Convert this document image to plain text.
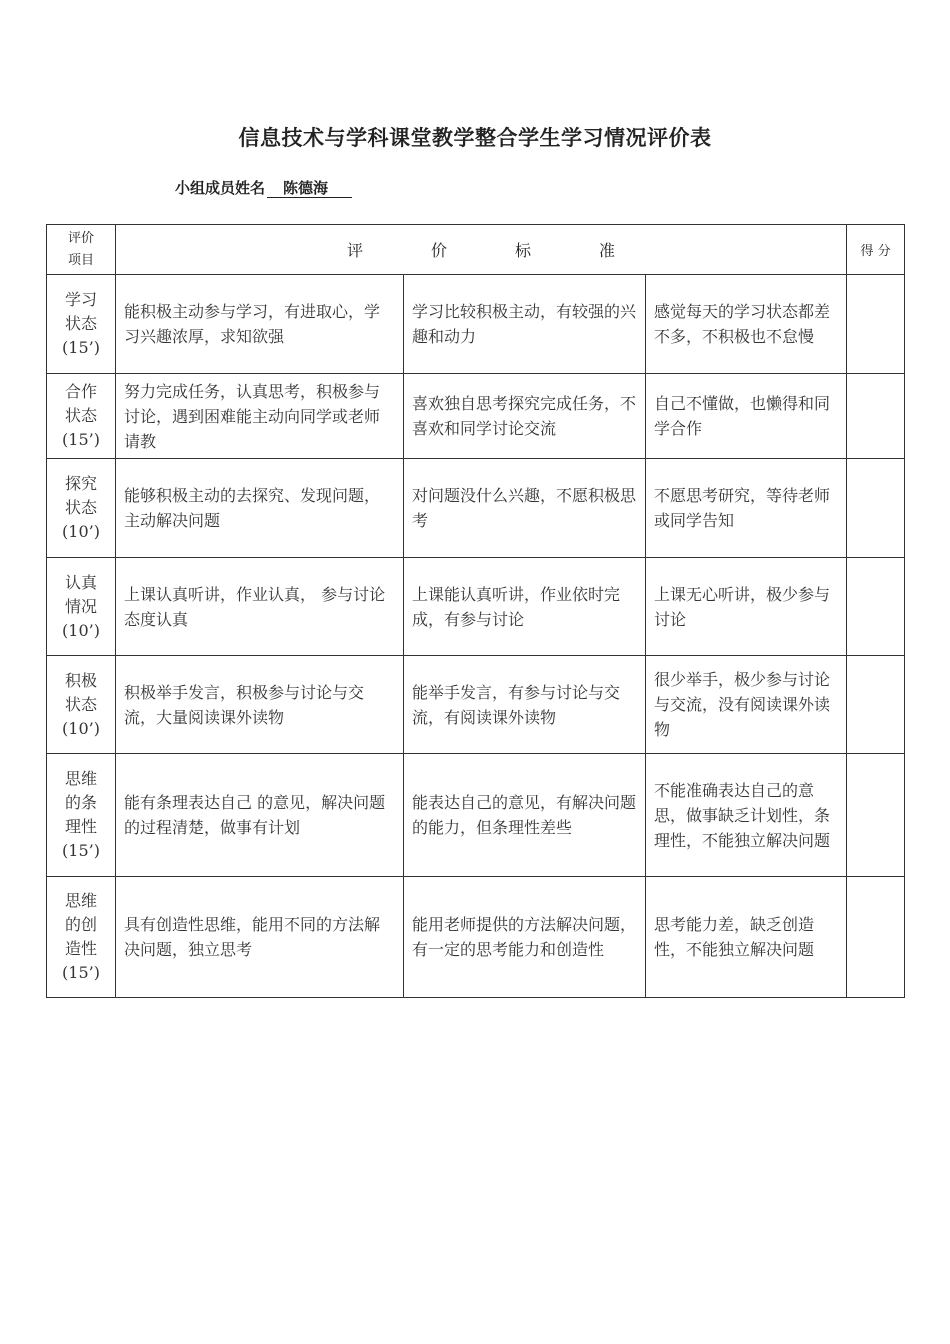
信息技术与学科课堂教学整合学生学习情况评价表
小组成员姓名 陈德海
评价项目	评 价 标 准			得 分

学习状态
(15’)	能积极主动参与学习，有进取心，学习兴趣浓厚，求知欲强	学习比较积极主动，有较强的兴趣和动力	感觉每天的学习状态都差不多，不积极也不怠慢	

合作状态
(15’)	努力完成任务，认真思考，积极参与讨论，遇到困难能主动向同学或老师请教	喜欢独自思考探究完成任务，不喜欢和同学讨论交流	自己不懂做，也懒得和同学合作	

探究状态
(10’)	能够积极主动的去探究、发现问题，主动解决问题	对问题没什么兴趣，不愿积极思考	不愿思考研究，等待老师或同学告知	

认真情况
(10’)	上课认真听讲，作业认真， 参与讨论态度认真	上课能认真听讲，作业依时完成，有参与讨论	上课无心听讲，极少参与讨论	

积极状态
(10’)	积极举手发言，积极参与讨论与交流，大量阅读课外读物	能举手发言，有参与讨论与交流，有阅读课外读物	很少举手，极少参与讨论与交流，没有阅读课外读物	

思维的条理性
(15’)	能有条理表达自己 的意见，解决问题的过程清楚，做事有计划	能表达自己的意见，有解决问题的能力，但条理性差些	不能准确表达自己的意思，做事缺乏计划性，条理性，不能独立解决问题	

思维的创造性
(15’)	具有创造性思维，能用不同的方法解决问题，独立思考	能用老师提供的方法解决问题，有一定的思考能力和创造性	思考能力差，缺乏创造性，不能独立解决问题	
